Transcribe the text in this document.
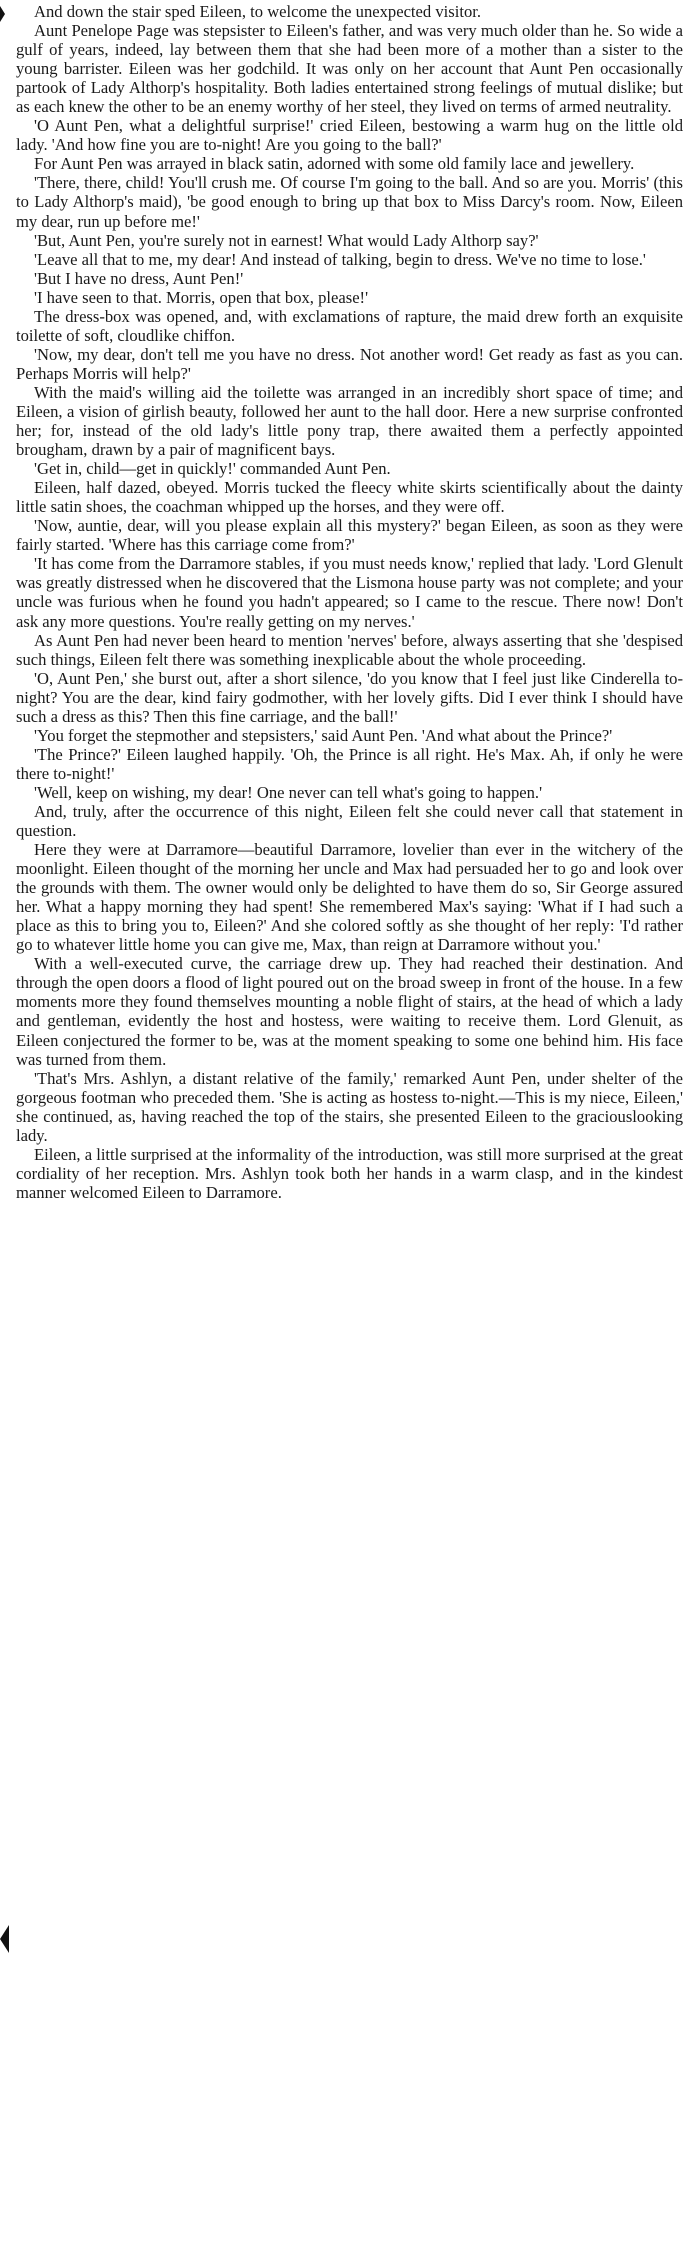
And down the stair sped Eileen, to welcome the unexpected visitor.

Aunt Penelope Page was stepsister to Eileen's father, and was very much older than he. So wide a gulf of years, indeed, lay between them that she had been more of a mother than a sister to the young barrister. Eileen was her godchild. It was only on her account that Aunt Pen occasionally partook of Lady Althorp's hospitality. Both ladies entertained strong feelings of mutual dislike; but as each knew the other to be an enemy worthy of her steel, they lived on terms of armed neutrality.

'O Aunt Pen, what a delightful surprise!' cried Eileen, bestowing a warm hug on the little old lady. 'And how fine you are to-night! Are you going to the ball?'

For Aunt Pen was arrayed in black satin, adorned with some old family lace and jewellery.

'There, there, child! You'll crush me. Of course I'm going to the ball. And so are you. Morris' (this to Lady Althorp's maid), 'be good enough to bring up that box to Miss Darcy's room. Now, Eileen my dear, run up before me!'

'But, Aunt Pen, you're surely not in earnest! What would Lady Althorp say?'

'Leave all that to me, my dear! And instead of talking, begin to dress. We've no time to lose.'

'But I have no dress, Aunt Pen!'

'I have seen to that. Morris, open that box, please!'

The dress-box was opened, and, with exclamations of rapture, the maid drew forth an exquisite toilette of soft, cloudlike chiffon.

'Now, my dear, don't tell me you have no dress. Not another word! Get ready as fast as you can. Perhaps Morris will help?'

With the maid's willing aid the toilette was arranged in an incredibly short space of time; and Eileen, a vision of girlish beauty, followed her aunt to the hall door. Here a new surprise confronted her; for, instead of the old lady's little pony trap, there awaited them a perfectly appointed brougham, drawn by a pair of magnificent bays.

'Get in, child—get in quickly!' commanded Aunt Pen.

Eileen, half dazed, obeyed. Morris tucked the fleecy white skirts scientifically about the dainty little satin shoes, the coachman whipped up the horses, and they were off.

'Now, auntie, dear, will you please explain all this mystery?' began Eileen, as soon as they were fairly started. 'Where has this carriage come from?'

'It has come from the Darramore stables, if you must needs know,' replied that lady. 'Lord Glenult was greatly distressed when he discovered that the Lismona house party was not complete; and your uncle was furious when he found you hadn't appeared; so I came to the rescue. There now! Don't ask any more questions. You're really getting on my nerves.'

As Aunt Pen had never been heard to mention 'nerves' before, always asserting that she 'despised such things, Eileen felt there was something inexplicable about the whole proceeding.

'O, Aunt Pen,' she burst out, after a short silence, 'do you know that I feel just like Cinderella to-night? You are the dear, kind fairy godmother, with her lovely gifts. Did I ever think I should have such a dress as this? Then this fine carriage, and the ball!'

'You forget the stepmother and stepsisters,' said Aunt Pen. 'And what about the Prince?'

'The Prince?' Eileen laughed happily. 'Oh, the Prince is all right. He's Max. Ah, if only he were there to-night!'

'Well, keep on wishing, my dear! One never can tell what's going to happen.'

And, truly, after the occurrence of this night, Eileen felt she could never call that statement in question.

Here they were at Darramore—beautiful Darramore, lovelier than ever in the witchery of the moonlight. Eileen thought of the morning her uncle and Max had persuaded her to go and look over the grounds with them. The owner would only be delighted to have them do so, Sir George assured her. What a happy morning they had spent! She remembered Max's saying: 'What if I had such a place as this to bring you to, Eileen?' And she colored softly as she thought of her reply: 'I'd rather go to whatever little home you can give me, Max, than reign at Darramore without you.'

With a well-executed curve, the carriage drew up. They had reached their destination. And through the open doors a flood of light poured out on the broad sweep in front of the house. In a few moments more they found themselves mounting a noble flight of stairs, at the head of which a lady and gentleman, evidently the host and hostess, were waiting to receive them. Lord Glenuit, as Eileen conjectured the former to be, was at the moment speaking to some one behind him. His face was turned from them.

'That's Mrs. Ashlyn, a distant relative of the family,' remarked Aunt Pen, under shelter of the gorgeous footman who preceded them. 'She is acting as hostess to-night.—This is my niece, Eileen,' she continued, as, having reached the top of the stairs, she presented Eileen to the graciouslooking lady.

Eileen, a little surprised at the informality of the introduction, was still more surprised at the great cordiality of her reception. Mrs. Ashlyn took both her hands in a warm clasp, and in the kindest manner welcomed Eileen to Darramore.
